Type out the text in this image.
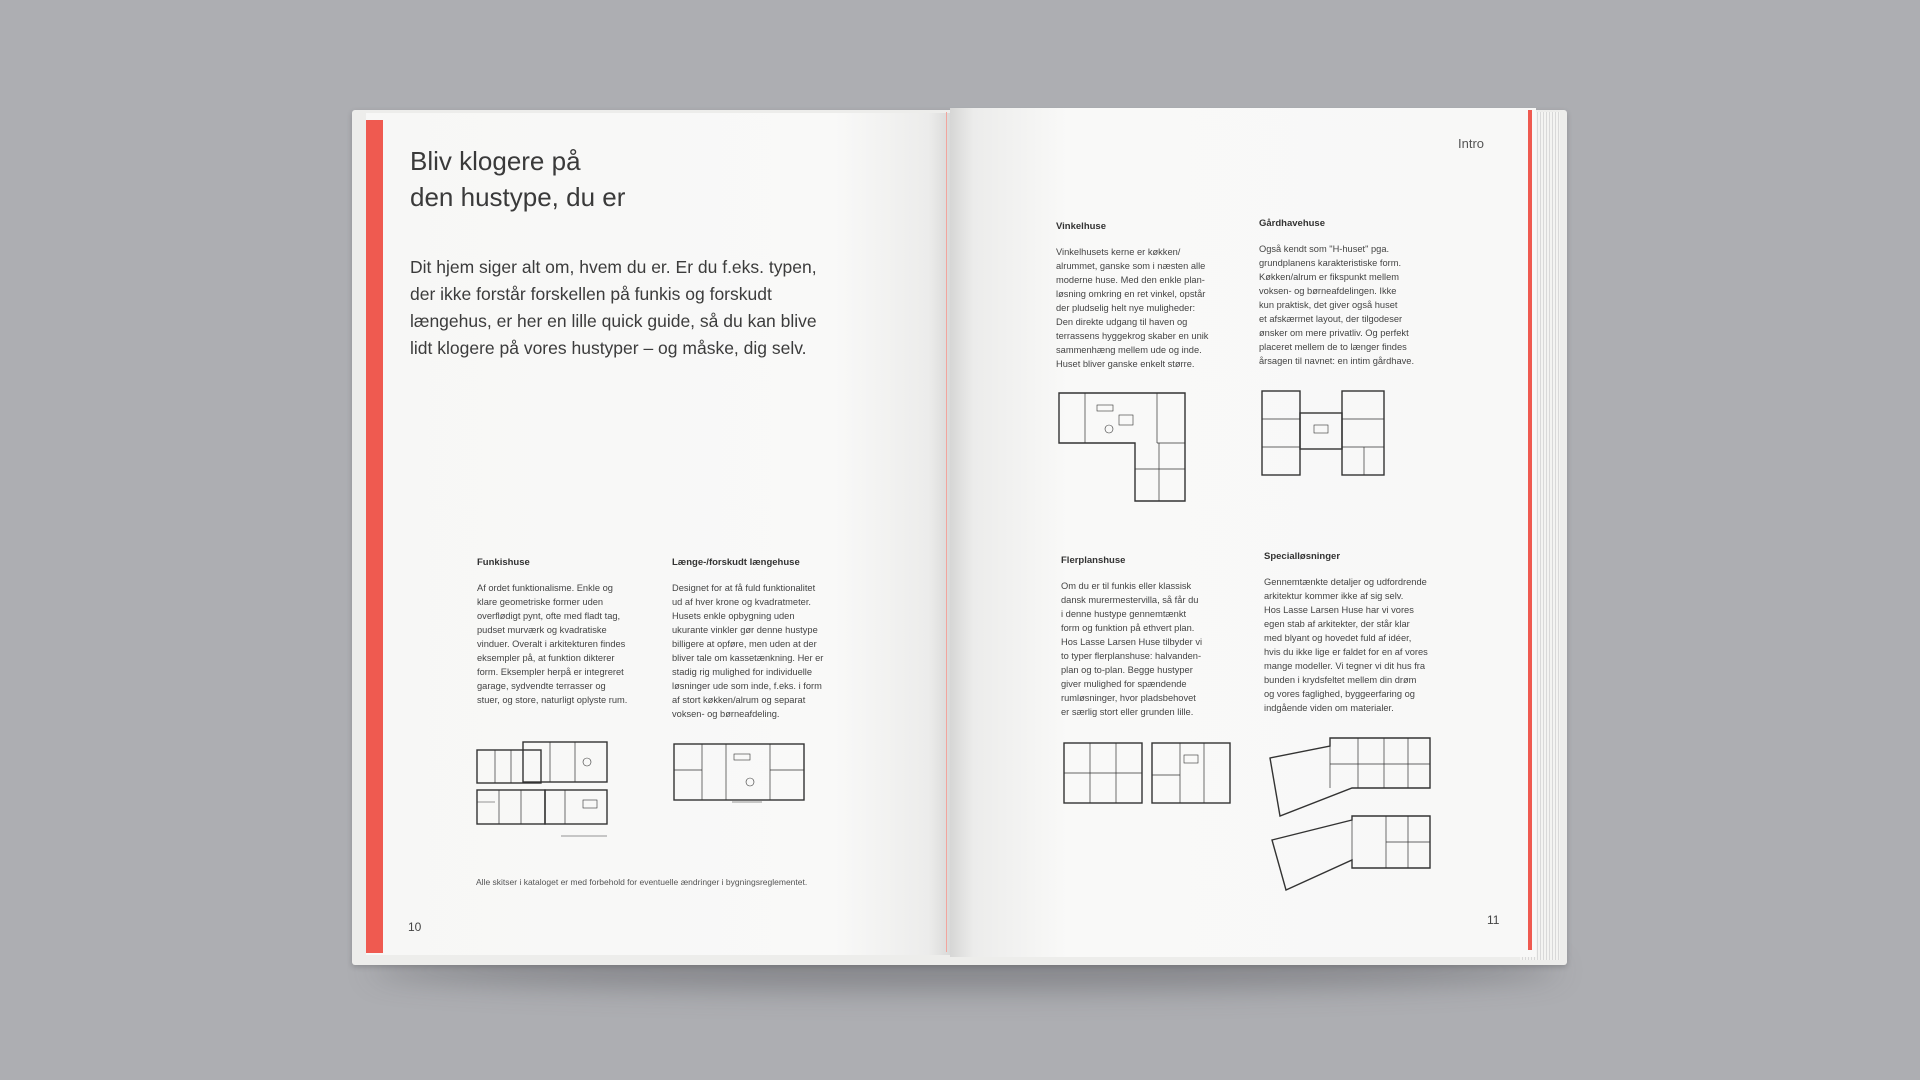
Bliv klogere på
den hustype, du er
Dit hjem siger alt om, hvem du er. Er du f.eks. typen,
der ikke forstår forskellen på funkis og forskudt
længehus, er her en lille quick guide, så du kan blive
lidt klogere på vores hustyper – og måske, dig selv.
Funkishuse
Af ordet funktionalisme. Enkle og
klare geometriske former uden
overflødigt pynt, ofte med fladt tag,
pudset murværk og kvadratiske
vinduer. Overalt i arkitekturen findes
eksempler på, at funktion dikterer
form. Eksempler herpå er integreret
garage, sydvendte terrasser og
stuer, og store, naturligt oplyste rum.
Længe-/forskudt længehuse
Designet for at få fuld funktionalitet
ud af hver krone og kvadratmeter.
Husets enkle opbygning uden
ukurante vinkler gør denne hustype
billigere at opføre, men uden at der
bliver tale om kassetænkning. Her er
stadig rig mulighed for individuelle
løsninger ude som inde, f.eks. i form
af stort køkken/alrum og separat
voksen- og børneafdeling.
Alle skitser i kataloget er med forbehold for eventuelle ændringer i bygningsreglementet.
10
Intro
Vinkelhuse
Vinkelhusets kerne er køkken/
alrummet, ganske som i næsten alle
moderne huse. Med den enkle plan-
løsning omkring en ret vinkel, opstår
der pludselig helt nye muligheder:
Den direkte udgang til haven og
terrassens hyggekrog skaber en unik
sammenhæng mellem ude og inde.
Huset bliver ganske enkelt større.
Gårdhavehuse
Også kendt som "H-huset" pga.
grundplanens karakteristiske form.
Køkken/alrum er fikspunkt mellem
voksen- og børneafdelingen. Ikke
kun praktisk, det giver også huset
et afskærmet layout, der tilgodeser
ønsker om mere privatliv. Og perfekt
placeret mellem de to længer findes
årsagen til navnet: en intim gårdhave.
Flerplanshuse
Om du er til funkis eller klassisk
dansk murermestervilla, så får du
i denne hustype gennemtænkt
form og funktion på ethvert plan.
Hos Lasse Larsen Huse tilbyder vi
to typer flerplanshuse: halvanden-
plan og to-plan. Begge hustyper
giver mulighed for spændende
rumløsninger, hvor pladsbehovet
er særlig stort eller grunden lille.
Specialløsninger
Gennemtænkte detaljer og udfordrende
arkitektur kommer ikke af sig selv.
Hos Lasse Larsen Huse har vi vores
egen stab af arkitekter, der står klar
med blyant og hovedet fuld af idéer,
hvis du ikke lige er faldet for en af vores
mange modeller. Vi tegner vi dit hus fra
bunden i krydsfeltet mellem din drøm
og vores faglighed, byggeerfaring og
indgående viden om materialer.
11
